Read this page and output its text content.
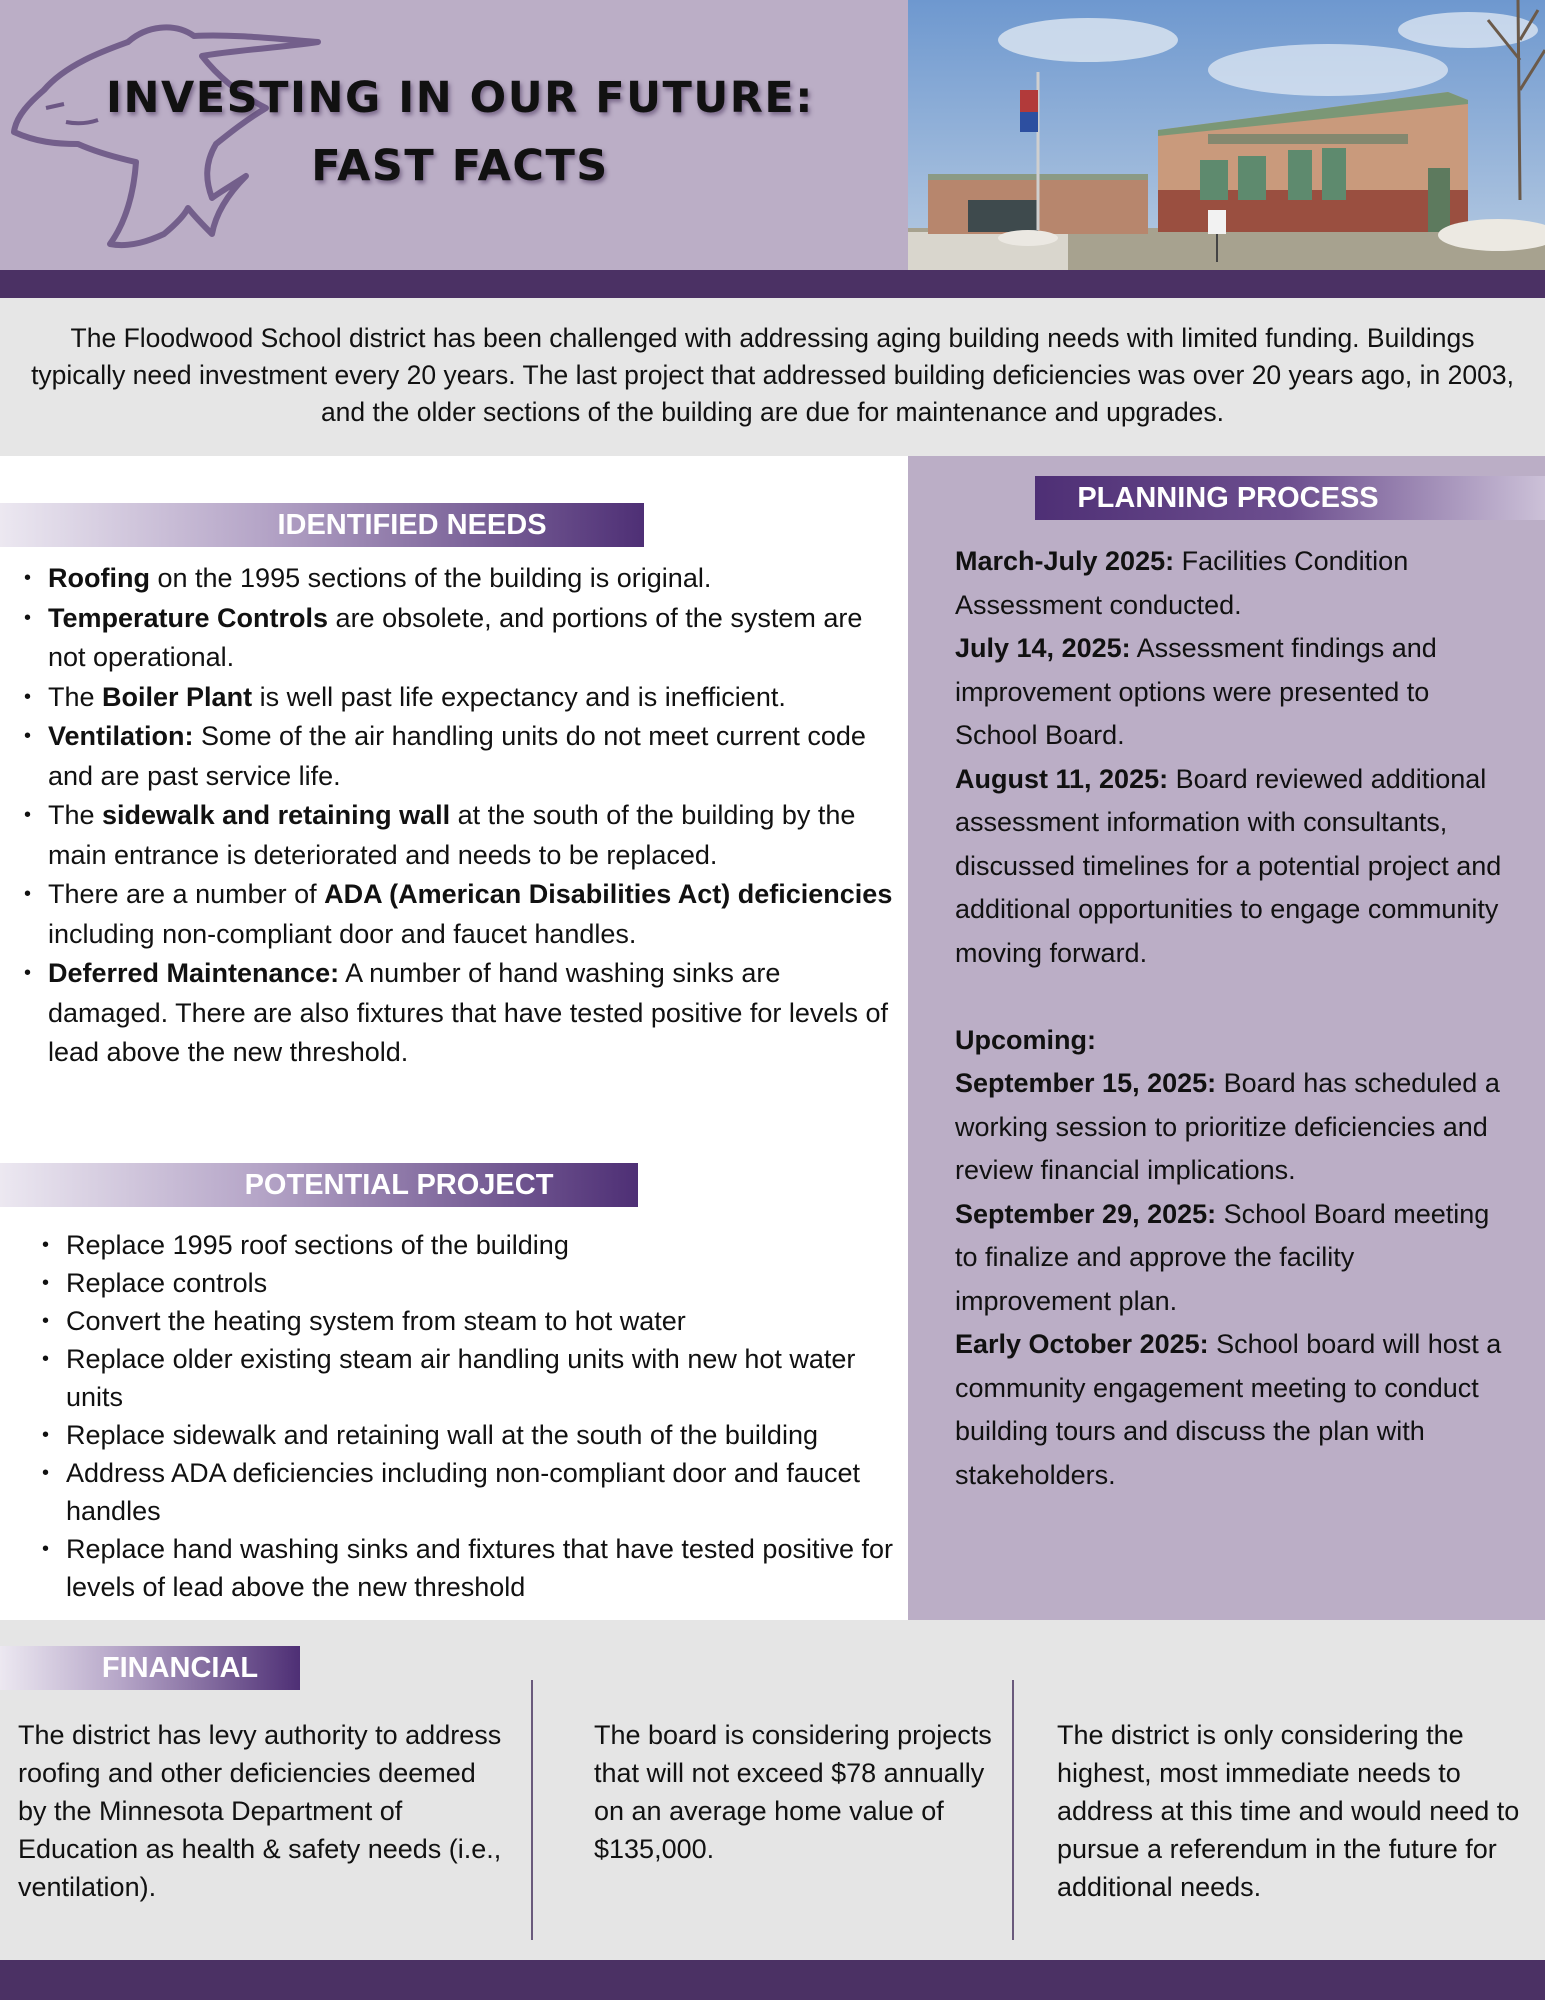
INVESTING IN OUR FUTURE:
FAST FACTS

The Floodwood School district has been challenged with addressing aging building needs with limited funding. Buildings typically need investment every 20 years. The last project that addressed building deficiencies was over 20 years ago, in 2003, and the older sections of the building are due for maintenance and upgrades.

IDENTIFIED NEEDS
• Roofing on the 1995 sections of the building is original.
• Temperature Controls are obsolete, and portions of the system are not operational.
• The Boiler Plant is well past life expectancy and is inefficient.
• Ventilation: Some of the air handling units do not meet current code and are past service life.
• The sidewalk and retaining wall at the south of the building by the main entrance is deteriorated and needs to be replaced.
• There are a number of ADA (American Disabilities Act) deficiencies including non-compliant door and faucet handles.
• Deferred Maintenance: A number of hand washing sinks are damaged. There are also fixtures that have tested positive for levels of lead above the new threshold.
POTENTIAL PROJECT
• Replace 1995 roof sections of the building
• Replace controls
• Convert the heating system from steam to hot water
• Replace older existing steam air handling units with new hot water units
• Replace sidewalk and retaining wall at the south of the building
• Address ADA deficiencies including non-compliant door and faucet handles
• Replace hand washing sinks and fixtures that have tested positive for levels of lead above the new threshold
PLANNING PROCESS

March-July 2025: Facilities Condition Assessment conducted.

July 14, 2025: Assessment findings and improvement options were presented to School Board.

August 11, 2025: Board reviewed additional assessment information with consultants, discussed timelines for a potential project and additional opportunities to engage community moving forward.

Upcoming:

September 15, 2025: Board has scheduled a working session to prioritize deficiencies and review financial implications.

September 29, 2025: School Board meeting to finalize and approve the facility improvement plan.

Early October 2025: School board will host a community engagement meeting to conduct building tours and discuss the plan with stakeholders.

FINANCIAL
The district has levy authority to address roofing and other deficiencies deemed by the Minnesota Department of Education as health & safety needs (i.e., ventilation).
The board is considering projects that will not exceed $78 annually on an average home value of $135,000.
The district is only considering the highest, most immediate needs to address at this time and would need to pursue a referendum in the future for additional needs.
